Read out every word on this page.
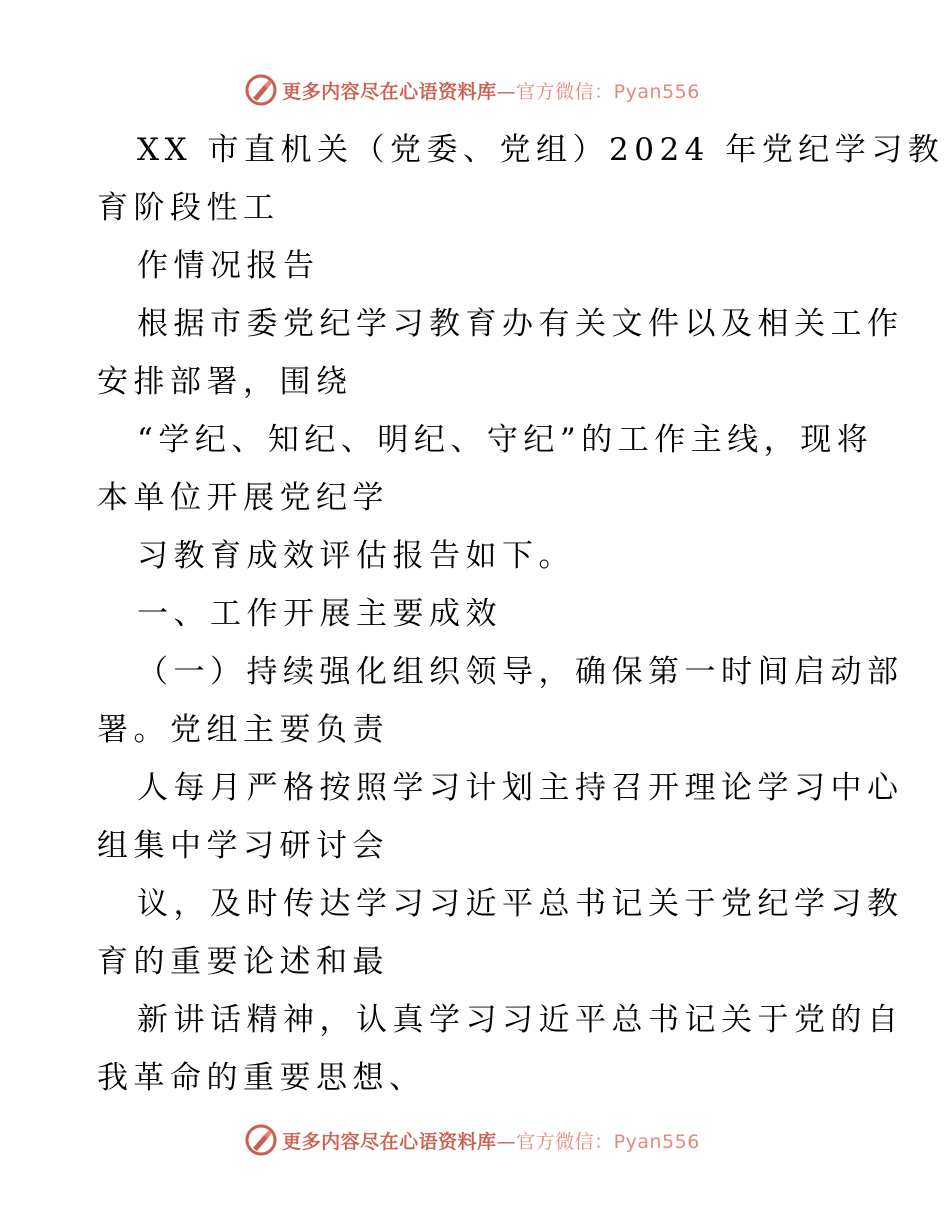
更多内容尽在心语资料库—官方微信：Pyan556
XX 市直机关（党委、党组）2024 年党纪学习教
育阶段性工
作情况报告
根据市委党纪学习教育办有关文件以及相关工作
安排部署，围绕
“学纪、知纪、明纪、守纪”的工作主线，现将
本单位开展党纪学
习教育成效评估报告如下。
一、工作开展主要成效
（一）持续强化组织领导，确保第一时间启动部
署。党组主要负责
人每月严格按照学习计划主持召开理论学习中心
组集中学习研讨会
议，及时传达学习习近平总书记关于党纪学习教
育的重要论述和最
新讲话精神，认真学习习近平总书记关于党的自
我革命的重要思想、
更多内容尽在心语资料库—官方微信：Pyan556
